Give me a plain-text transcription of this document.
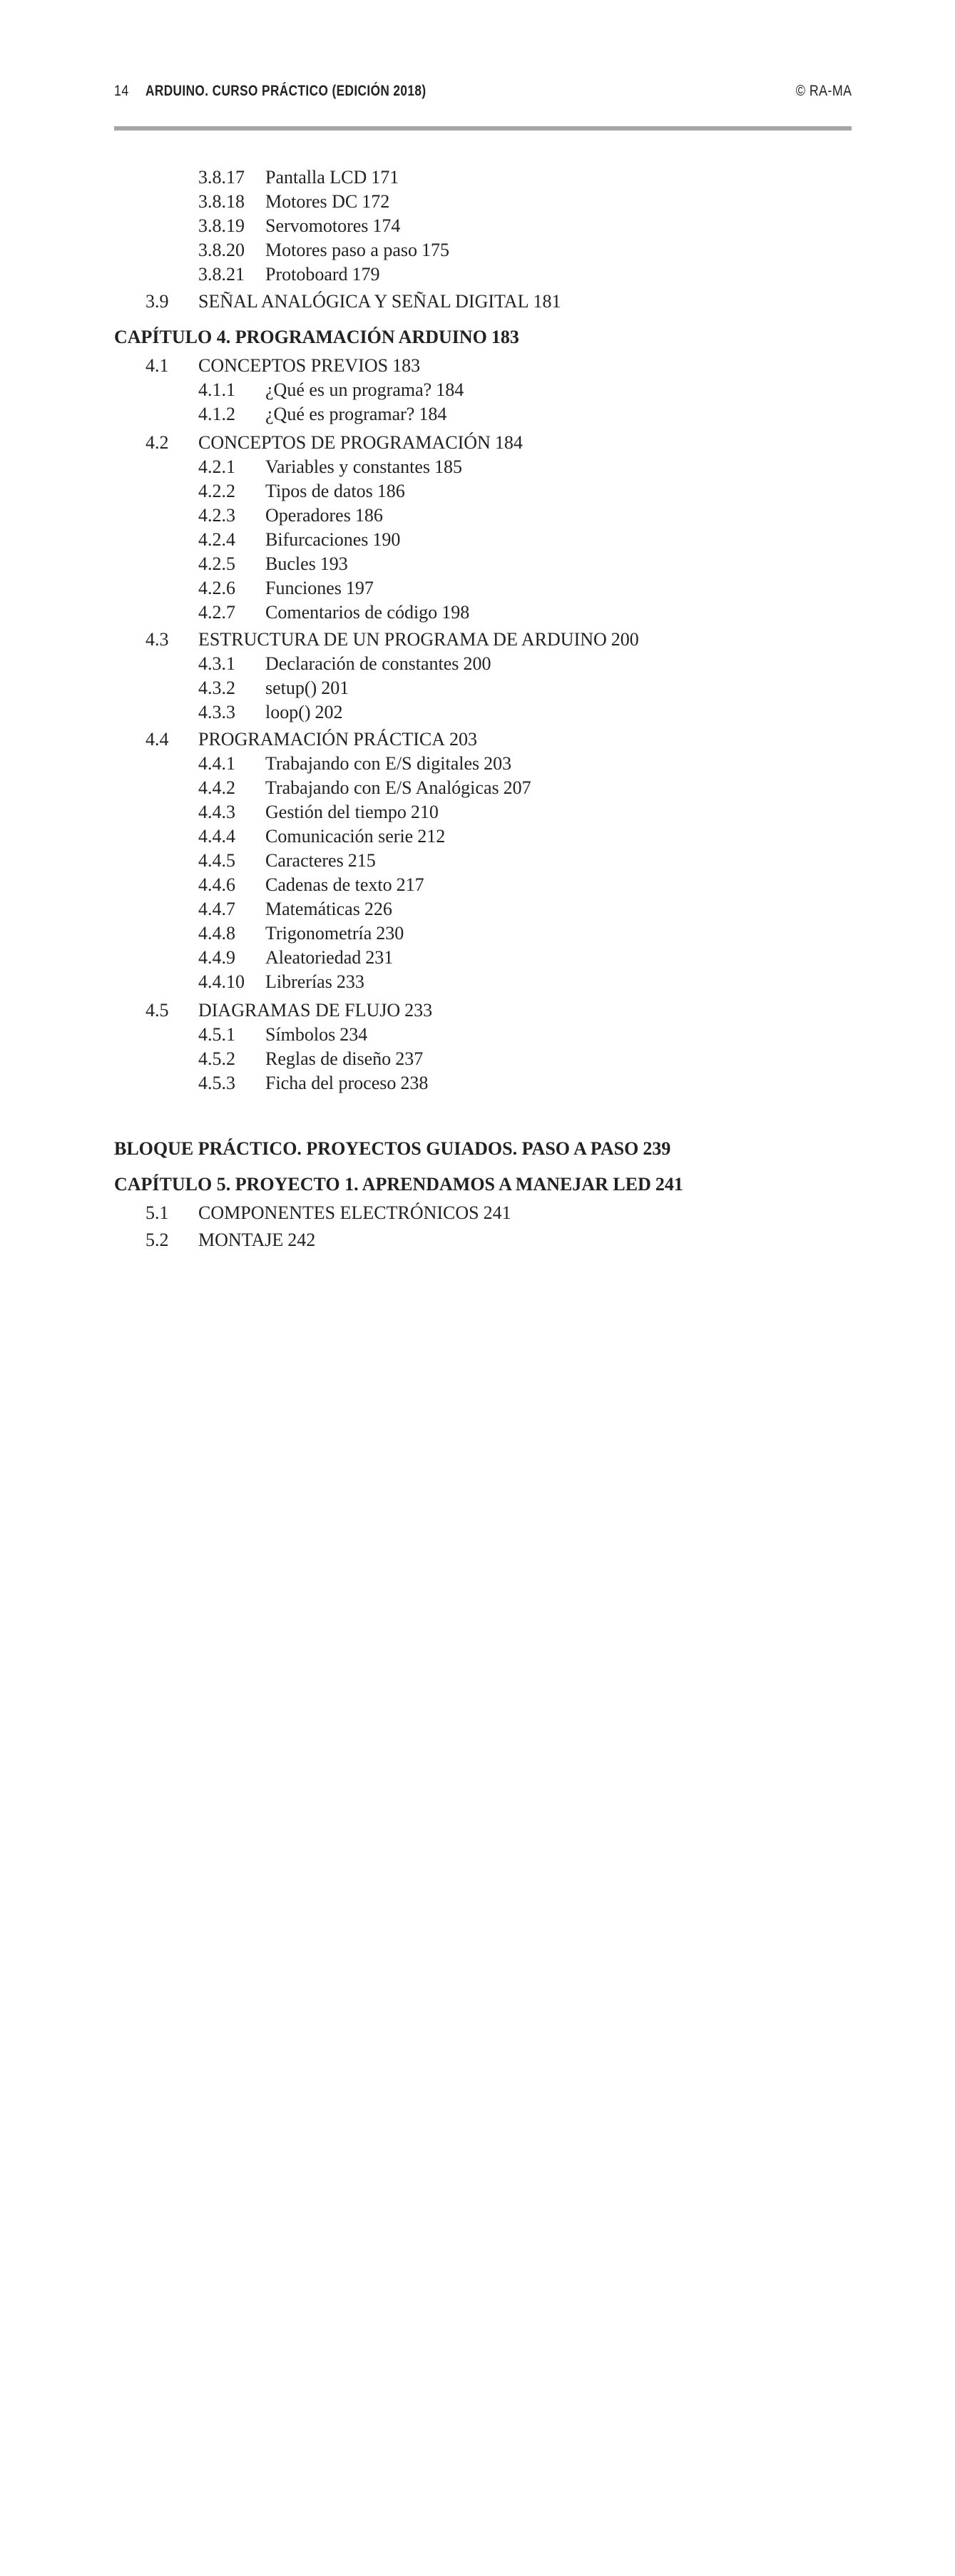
14 ARDUINO. CURSO PRÁCTICO (EDICIÓN 2018)	© RA-MA
3.8.17 Pantalla LCD 171
3.8.18 Motores DC 172
3.8.19 Servomotores 174
3.8.20 Motores paso a paso 175
3.8.21 Protoboard 179
3.9 SEÑAL ANALÓGICA Y SEÑAL DIGITAL 181
CAPÍTULO 4. PROGRAMACIÓN ARDUINO 183
4.1 CONCEPTOS PREVIOS 183
4.1.1 ¿Qué es un programa? 184
4.1.2 ¿Qué es programar? 184
4.2 CONCEPTOS DE PROGRAMACIÓN 184
4.2.1 Variables y constantes 185
4.2.2 Tipos de datos 186
4.2.3 Operadores 186
4.2.4 Bifurcaciones 190
4.2.5 Bucles 193
4.2.6 Funciones 197
4.2.7 Comentarios de código 198
4.3 ESTRUCTURA DE UN PROGRAMA DE ARDUINO 200
4.3.1 Declaración de constantes 200
4.3.2 setup() 201
4.3.3 loop() 202
4.4 PROGRAMACIÓN PRÁCTICA 203
4.4.1 Trabajando con E/S digitales 203
4.4.2 Trabajando con E/S Analógicas 207
4.4.3 Gestión del tiempo 210
4.4.4 Comunicación serie 212
4.4.5 Caracteres 215
4.4.6 Cadenas de texto 217
4.4.7 Matemáticas 226
4.4.8 Trigonometría 230
4.4.9 Aleatoriedad 231
4.4.10 Librerías 233
4.5 DIAGRAMAS DE FLUJO 233
4.5.1 Símbolos 234
4.5.2 Reglas de diseño 237
4.5.3 Ficha del proceso 238
BLOQUE PRÁCTICO. PROYECTOS GUIADOS. PASO A PASO 239
CAPÍTULO 5. PROYECTO 1. APRENDAMOS A MANEJAR LED 241
5.1 COMPONENTES ELECTRÓNICOS 241
5.2 MONTAJE 242
